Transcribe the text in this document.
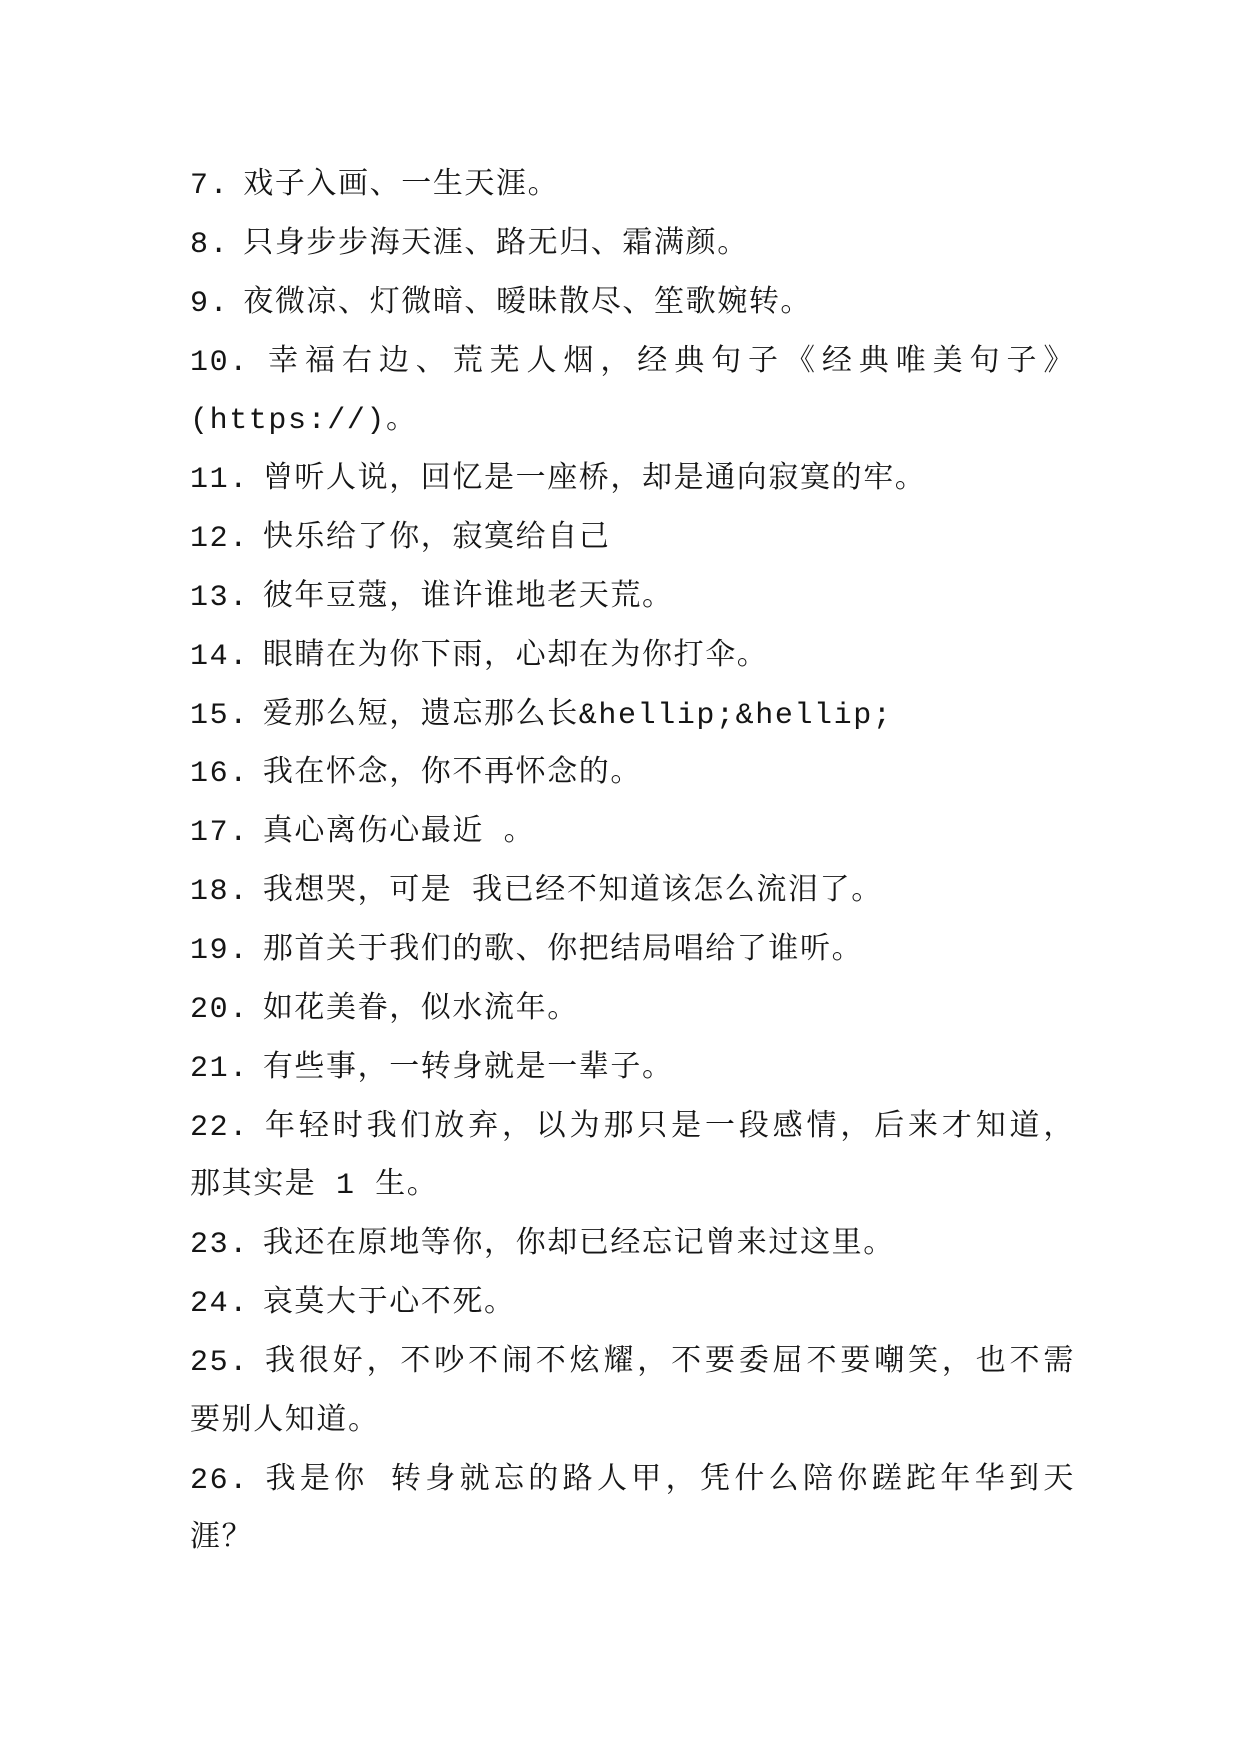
7. 戏子入画、一生天涯。
8. 只身步步海天涯、路无归、霜满颜。
9. 夜微凉、灯微暗、暧昧散尽、笙歌婉转。
10. 幸福右边、荒芜人烟，经典句子《经典唯美句子》
(https://)。
11. 曾听人说，回忆是一座桥，却是通向寂寞的牢。
12. 快乐给了你，寂寞给自己
13. 彼年豆蔻，谁许谁地老天荒。
14. 眼睛在为你下雨，心却在为你打伞。
15. 爱那么短，遗忘那么长&hellip;&hellip;
16. 我在怀念，你不再怀念的。
17. 真心离伤心最近 。
18. 我想哭，可是 我已经不知道该怎么流泪了。
19. 那首关于我们的歌、你把结局唱给了谁听。
20. 如花美眷，似水流年。
21. 有些事，一转身就是一辈子。
22. 年轻时我们放弃，以为那只是一段感情，后来才知道，
那其实是 1 生。
23. 我还在原地等你，你却已经忘记曾来过这里。
24. 哀莫大于心不死。
25. 我很好，不吵不闹不炫耀，不要委屈不要嘲笑，也不需
要别人知道。
26. 我是你 转身就忘的路人甲，凭什么陪你蹉跎年华到天
涯？
